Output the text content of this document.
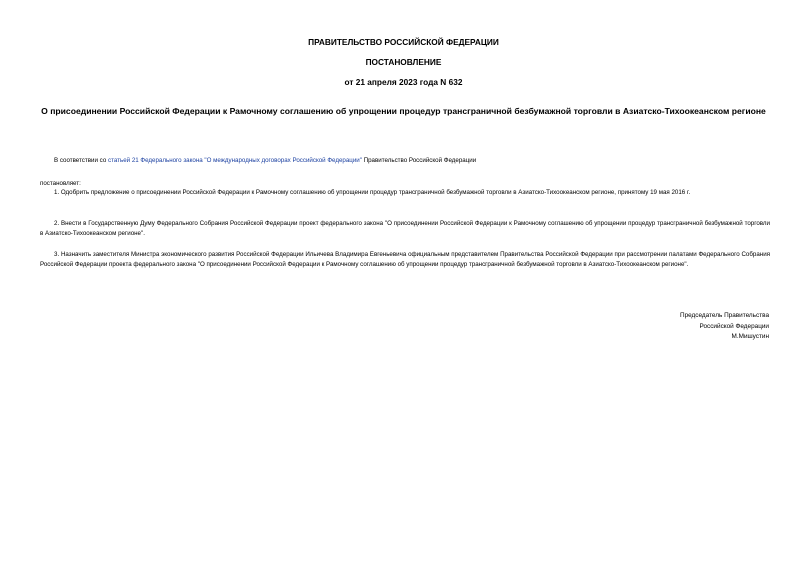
ПРАВИТЕЛЬСТВО РОССИЙСКОЙ ФЕДЕРАЦИИ
ПОСТАНОВЛЕНИЕ
от 21 апреля 2023 года N 632
О присоединении Российской Федерации к Рамочному соглашению об упрощении процедур трансграничной безбумажной торговли в Азиатско-Тихоокеанском регионе
В соответствии со статьей 21 Федерального закона "О международных договорах Российской Федерации" Правительство Российской Федерации
постановляет:
1. Одобрить предложение о присоединении Российской Федерации к Рамочному соглашению об упрощении процедур трансграничной безбумажной торговли в Азиатско-Тихоокеанском регионе, принятому 19 мая 2016 г.
2. Внести в Государственную Думу Федерального Собрания Российской Федерации проект федерального закона "О присоединении Российской Федерации к Рамочному соглашению об упрощении процедур трансграничной безбумажной торговли в Азиатско-Тихоокеанском регионе".
3. Назначить заместителя Министра экономического развития Российской Федерации Ильичева Владимира Евгеньевича официальным представителем Правительства Российской Федерации при рассмотрении палатами Федерального Собрания Российской Федерации проекта федерального закона "О присоединении Российской Федерации к Рамочному соглашению об упрощении процедур трансграничной безбумажной торговли в Азиатско-Тихоокеанском регионе".
Председатель Правительства
Российской Федерации
М.Мишустин
